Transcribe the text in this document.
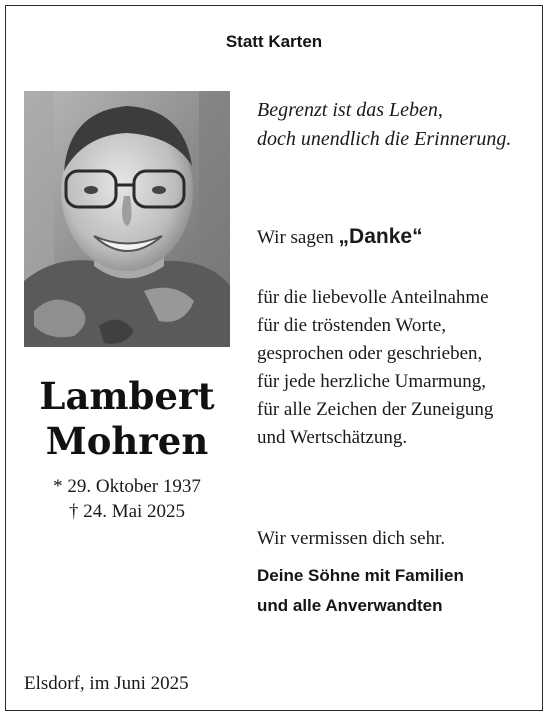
Statt Karten
Lambert
Mohren
* 29. Oktober 1937
† 24. Mai 2025
Begrenzt ist das Leben,
doch unendlich die Erinnerung.
Wir sagen „Danke“
für die liebevolle Anteilnahme
für die tröstenden Worte,
gesprochen oder geschrieben,
für jede herzliche Umarmung,
für alle Zeichen der Zuneigung
und Wertschätzung.
Wir vermissen dich sehr.
Deine Söhne mit Familien
und alle Anverwandten
Elsdorf, im Juni 2025
